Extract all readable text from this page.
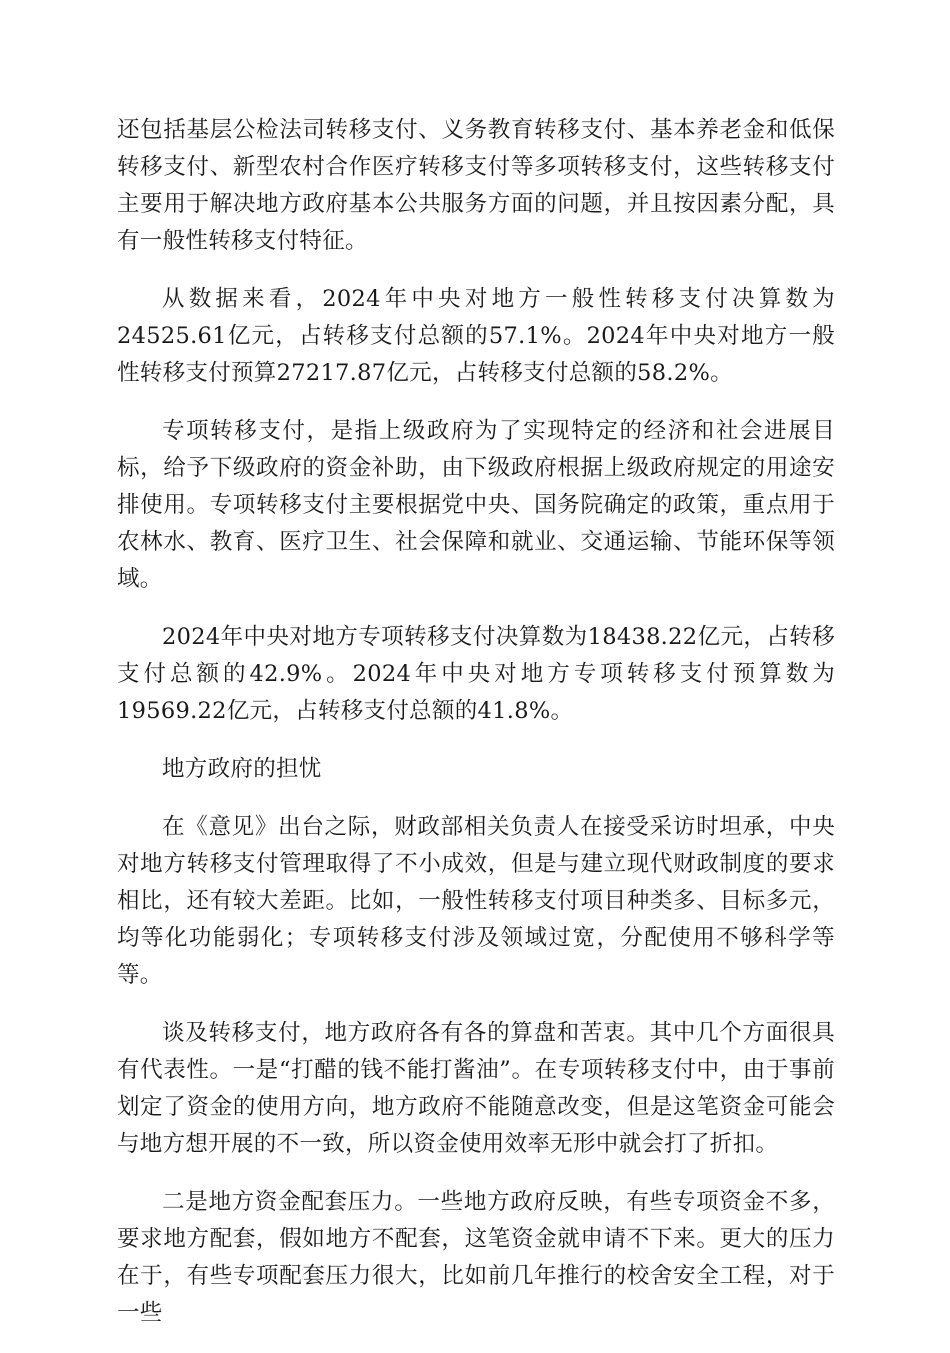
还包括基层公检法司转移支付、义务教育转移支付、基本养老金和低保转移支付、新型农村合作医疗转移支付等多项转移支付，这些转移支付主要用于解决地方政府基本公共服务方面的问题，并且按因素分配，具有一般性转移支付特征。

从数据来看，2024年中央对地方一般性转移支付决算数为24525.61亿元，占转移支付总额的57.1%。2024年中央对地方一般性转移支付预算27217.87亿元，占转移支付总额的58.2%。

专项转移支付，是指上级政府为了实现特定的经济和社会进展目标，给予下级政府的资金补助，由下级政府根据上级政府规定的用途安排使用。专项转移支付主要根据党中央、国务院确定的政策，重点用于农林水、教育、医疗卫生、社会保障和就业、交通运输、节能环保等领域。

2024年中央对地方专项转移支付决算数为18438.22亿元，占转移支付总额的42.9%。2024年中央对地方专项转移支付预算数为19569.22亿元，占转移支付总额的41.8%。

地方政府的担忧

在《意见》出台之际，财政部相关负责人在接受采访时坦承，中央对地方转移支付管理取得了不小成效，但是与建立现代财政制度的要求相比，还有较大差距。比如，一般性转移支付项目种类多、目标多元，均等化功能弱化；专项转移支付涉及领域过宽，分配使用不够科学等等。

谈及转移支付，地方政府各有各的算盘和苦衷。其中几个方面很具有代表性。一是“打醋的钱不能打酱油”。在专项转移支付中，由于事前划定了资金的使用方向，地方政府不能随意改变，但是这笔资金可能会与地方想开展的不一致，所以资金使用效率无形中就会打了折扣。

二是地方资金配套压力。一些地方政府反映，有些专项资金不多，要求地方配套，假如地方不配套，这笔资金就申请不下来。更大的压力在于，有些专项配套压力很大，比如前几年推行的校舍安全工程，对于一些
